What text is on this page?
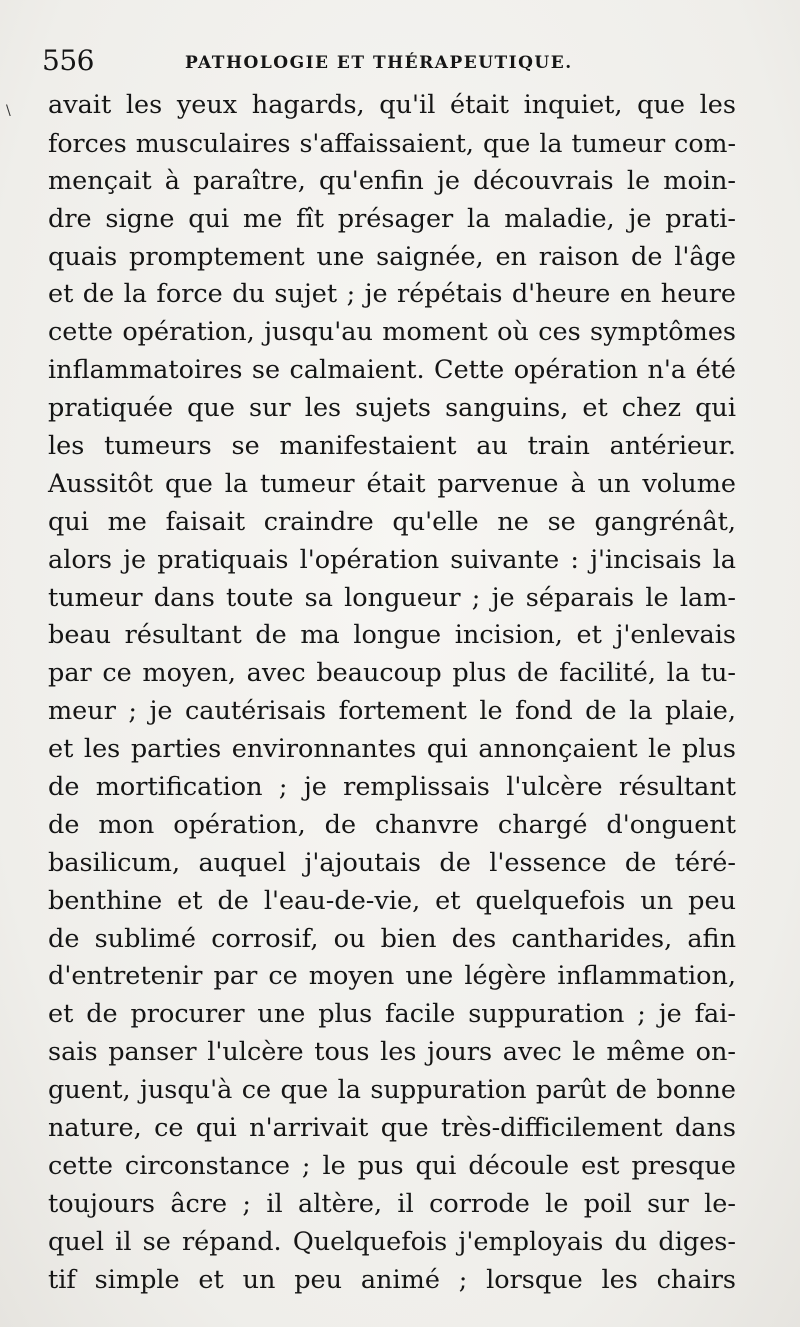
\
556	PATHOLOGIE ET THÉRAPEUTIQUE.
avait les yeux hagards, qu'il était inquiet, que les
forces musculaires s'affaissaient, que la tumeur com-
mençait à paraître, qu'enfin je découvrais le moin-
dre signe qui me fît présager la maladie, je prati-
quais promptement une saignée, en raison de l'âge
et de la force du sujet ; je répétais d'heure en heure
cette opération, jusqu'au moment où ces symptômes
inflammatoires se calmaient. Cette opération n'a été
pratiquée que sur les sujets sanguins, et chez qui
les tumeurs se manifestaient au train antérieur.
Aussitôt que la tumeur était parvenue à un volume
qui me faisait craindre qu'elle ne se gangrénât,
alors je pratiquais l'opération suivante : j'incisais la
tumeur dans toute sa longueur ; je séparais le lam-
beau résultant de ma longue incision, et j'enlevais
par ce moyen, avec beaucoup plus de facilité, la tu-
meur ; je cautérisais fortement le fond de la plaie,
et les parties environnantes qui annonçaient le plus
de mortification ; je remplissais l'ulcère résultant
de mon opération, de chanvre chargé d'onguent
basilicum, auquel j'ajoutais de l'essence de téré-
benthine et de l'eau-de-vie, et quelquefois un peu
de sublimé corrosif, ou bien des cantharides, afin
d'entretenir par ce moyen une légère inflammation,
et de procurer une plus facile suppuration ; je fai-
sais panser l'ulcère tous les jours avec le même on-
guent, jusqu'à ce que la suppuration parût de bonne
nature, ce qui n'arrivait que très-difficilement dans
cette circonstance ; le pus qui découle est presque
toujours âcre ; il altère, il corrode le poil sur le-
quel il se répand. Quelquefois j'employais du diges-
tif simple et un peu animé ; lorsque les chairs
